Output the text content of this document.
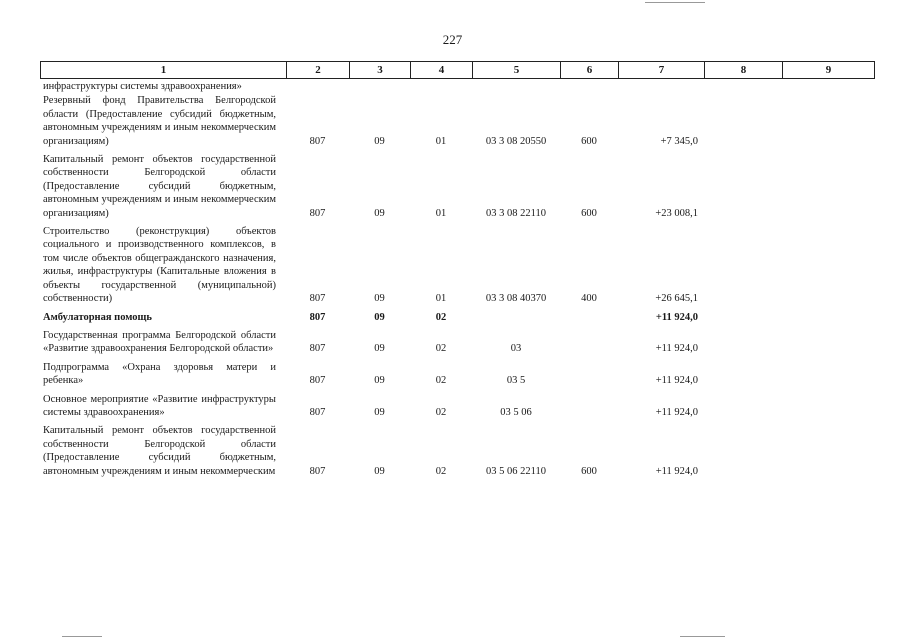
227
1	2	3	4	5	6	7	8	9
инфраструктуры системы здравоохранения»								
Резервный фонд Правительства Белгородской области (Предоставление субсидий бюджетным, автономным учреждениям и иным некоммерческим организациям)	807	09	01	03 3 08 20550	600	+7 345,0		
Капитальный ремонт объектов государственной собственности Белгородской области (Предоставление субсидий бюджетным, автономным учреждениям и иным некоммерческим организациям)	807	09	01	03 3 08 22110	600	+23 008,1		
Строительство (реконструкция) объектов социального и производственного комплексов, в том числе объектов общегражданского назначения, жилья, инфраструктуры (Капитальные вложения в объекты государственной (муниципальной) собственности)	807	09	01	03 3 08 40370	400	+26 645,1		
Амбулаторная помощь	807	09	02			+11 924,0		
Государственная программа Белгородской области «Развитие здравоохранения Белгородской области»	807	09	02	03		+11 924,0		
Подпрограмма «Охрана здоровья матери и ребенка»	807	09	02	03 5		+11 924,0		
Основное мероприятие «Развитие инфраструктуры системы здравоохранения»	807	09	02	03 5 06		+11 924,0		
Капитальный ремонт объектов государственной собственности Белгородской области (Предоставление субсидий бюджетным, автономным учреждениям и иным некоммерческим	807	09	02	03 5 06 22110	600	+11 924,0		
